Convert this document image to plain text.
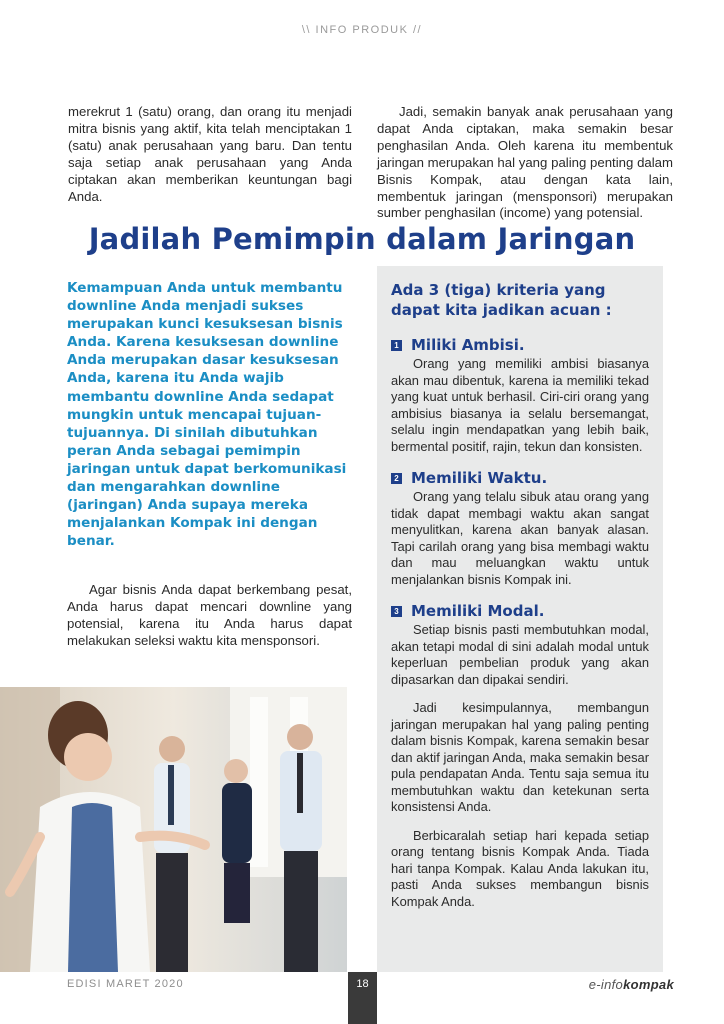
\\ INFO PRODUK //

merekrut 1 (satu) orang, dan orang itu menjadi mitra bisnis yang aktif, kita telah menciptakan 1 (satu) anak perusahaan yang baru. Dan tentu saja setiap anak perusahaan yang Anda ciptakan akan memberikan keuntungan bagi Anda.

Jadi, semakin banyak anak perusahaan yang dapat Anda ciptakan, maka semakin besar penghasilan Anda. Oleh karena itu membentuk jaringan merupakan hal yang paling penting dalam Bisnis Kompak, atau dengan kata lain, membentuk jaringan (mensponsori) merupakan sumber penghasilan (income) yang potensial.

Jadilah Pemimpin dalam Jaringan

Kemampuan Anda untuk membantu downline Anda menjadi sukses merupakan kunci kesuksesan bisnis Anda. Karena kesuksesan downline Anda merupakan dasar kesuksesan Anda, karena itu Anda wajib membantu downline Anda sedapat mungkin untuk mencapai tujuan-tujuannya. Di sinilah dibutuhkan peran Anda sebagai pemimpin jaringan untuk dapat berkomunikasi dan mengarahkan downline (jaringan) Anda supaya mereka menjalankan Kompak ini dengan benar.

Agar bisnis Anda dapat berkembang pesat, Anda harus dapat mencari downline yang potensial, karena itu Anda harus dapat melakukan seleksi waktu kita mensponsori.

Ada 3 (tiga) kriteria yang dapat kita jadikan acuan :
1 Miliki Ambisi.

Orang yang memiliki ambisi biasanya akan mau dibentuk, karena ia memiliki tekad yang kuat untuk berhasil. Ciri-ciri orang yang ambisius biasanya ia selalu bersemangat, selalu ingin mendapatkan yang lebih baik, bermental positif, rajin, tekun dan konsisten.

2 Memiliki Waktu.

Orang yang telalu sibuk atau orang yang tidak dapat membagi waktu akan sangat menyulitkan, karena akan banyak alasan. Tapi carilah orang yang bisa membagi waktu dan mau meluangkan waktu untuk menjalankan bisnis Kompak ini.

3 Memiliki Modal.

Setiap bisnis pasti membutuhkan modal, akan tetapi modal di sini adalah modal untuk keperluan pembelian produk yang akan dipasarkan dan dipakai sendiri.

Jadi kesimpulannya, membangun jaringan merupakan hal yang paling penting dalam bisnis Kompak, karena semakin besar dan aktif jaringan Anda, maka semakin besar pula pendapatan Anda. Tentu saja semua itu membutuhkan waktu dan ketekunan serta konsistensi Anda.

Berbicaralah setiap hari kepada setiap orang tentang bisnis Kompak Anda. Tiada hari tanpa Kompak. Kalau Anda lakukan itu, pasti Anda sukses membangun bisnis Kompak Anda.

EDISI MARET 2020	18	e-infokompak
